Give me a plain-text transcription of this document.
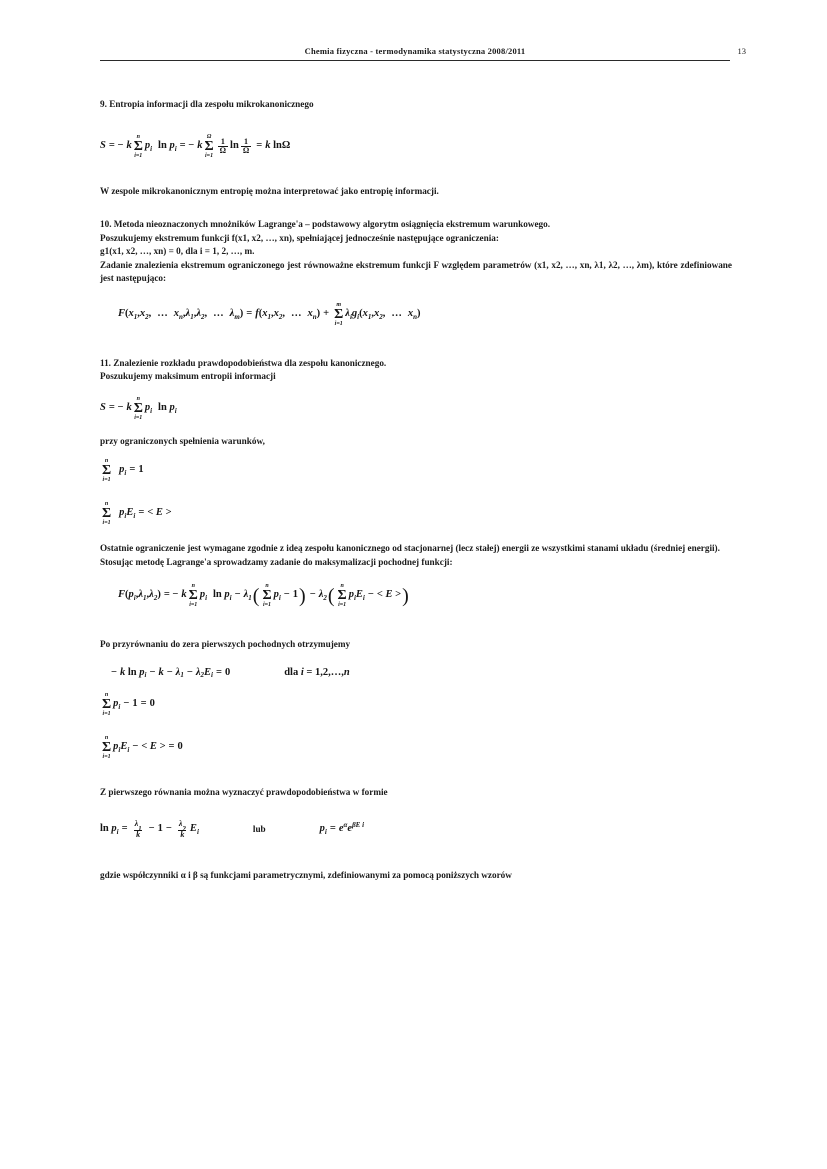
Chemia fizyczna - termodynamika statystyczna 2008/2011	13

9. Entropia informacji dla zespołu mikrokanonicznego

S = − k
n
Σ
i=1
p i ln p i = − k
Ω
Σ
i=1
$\frac{1}{\Omega}$ $\ln \frac{1}{\Omega} = k$ lnΩ

W zespole mikrokanonicznym entropię można interpretować jako entropię informacji.

10. Metoda nieoznaczonych mnożników Lagrange'a – podstawowy algorytm osiągnięcia ekstremum warunkowego.

Poszukujemy ekstremum funkcji f(x1, x2, …, xn), spełniającej jednocześnie następujące ograniczenia:

g1(x1, x2, …, xn) = 0, dla i = 1, 2, …, m.

Zadanie znalezienia ekstremum ograniczonego jest równoważne ekstremum funkcji F względem parametrów (x1, x2, …, xn, λ1, λ2, …, λm), które zdefiniowane jest następująco:

F ( x 1 , x 2 ,
… x n , λ 1 , λ 2 ,
… λ m ) = f ( x 1 , x 2 ,
… x n ) +
m
Σ
i=1
λ i g i ( x 1 , x 2 ,
… x n )

11. Znalezienie rozkładu prawdopodobieństwa dla zespołu kanonicznego.

Poszukujemy maksimum entropii informacji

S = − k
n
Σ
i=1
p i ln p i

przy ograniczonych spełnienia warunków,

n
Σ
i=1
p i = 1
n
Σ
i=1
p i E i = < E >

Ostatnie ograniczenie jest wymagane zgodnie z ideą zespołu kanonicznego od stacjonarnej (lecz stałej) energii ze wszystkimi stanami układu (średniej energii).

Stosując metodę Lagrange'a sprowadzamy zadanie do maksymalizacji pochodnej funkcji:

F ( p i , λ 1 , λ 2 ) = − k
n
Σ
i=1
p i ln p i − λ 1 ( n
Σ
i=1
p i − 1 ) − λ 2 ( n
Σ
i=1
p i E i − < E > )

Po przyrównaniu do zera pierwszych pochodnych otrzymujemy

− k ln p i − k − λ 1 − λ 2 E i = 0	dla i = 1,2,…, n
n
Σ
i=1
p i − 1 = 0
n
Σ
i=1
p i E i − < E > = 0

Z pierwszego równania można wyznaczyć prawdopodobieństwa w formie

ln p $i = \frac{\lambda 1}{k} - 1 - \frac{\lambda 2}{k}$ E i	lub	p i = e α e βE i

gdzie współczynniki α i β są funkcjami parametrycznymi, zdefiniowanymi za pomocą poniższych wzorów
